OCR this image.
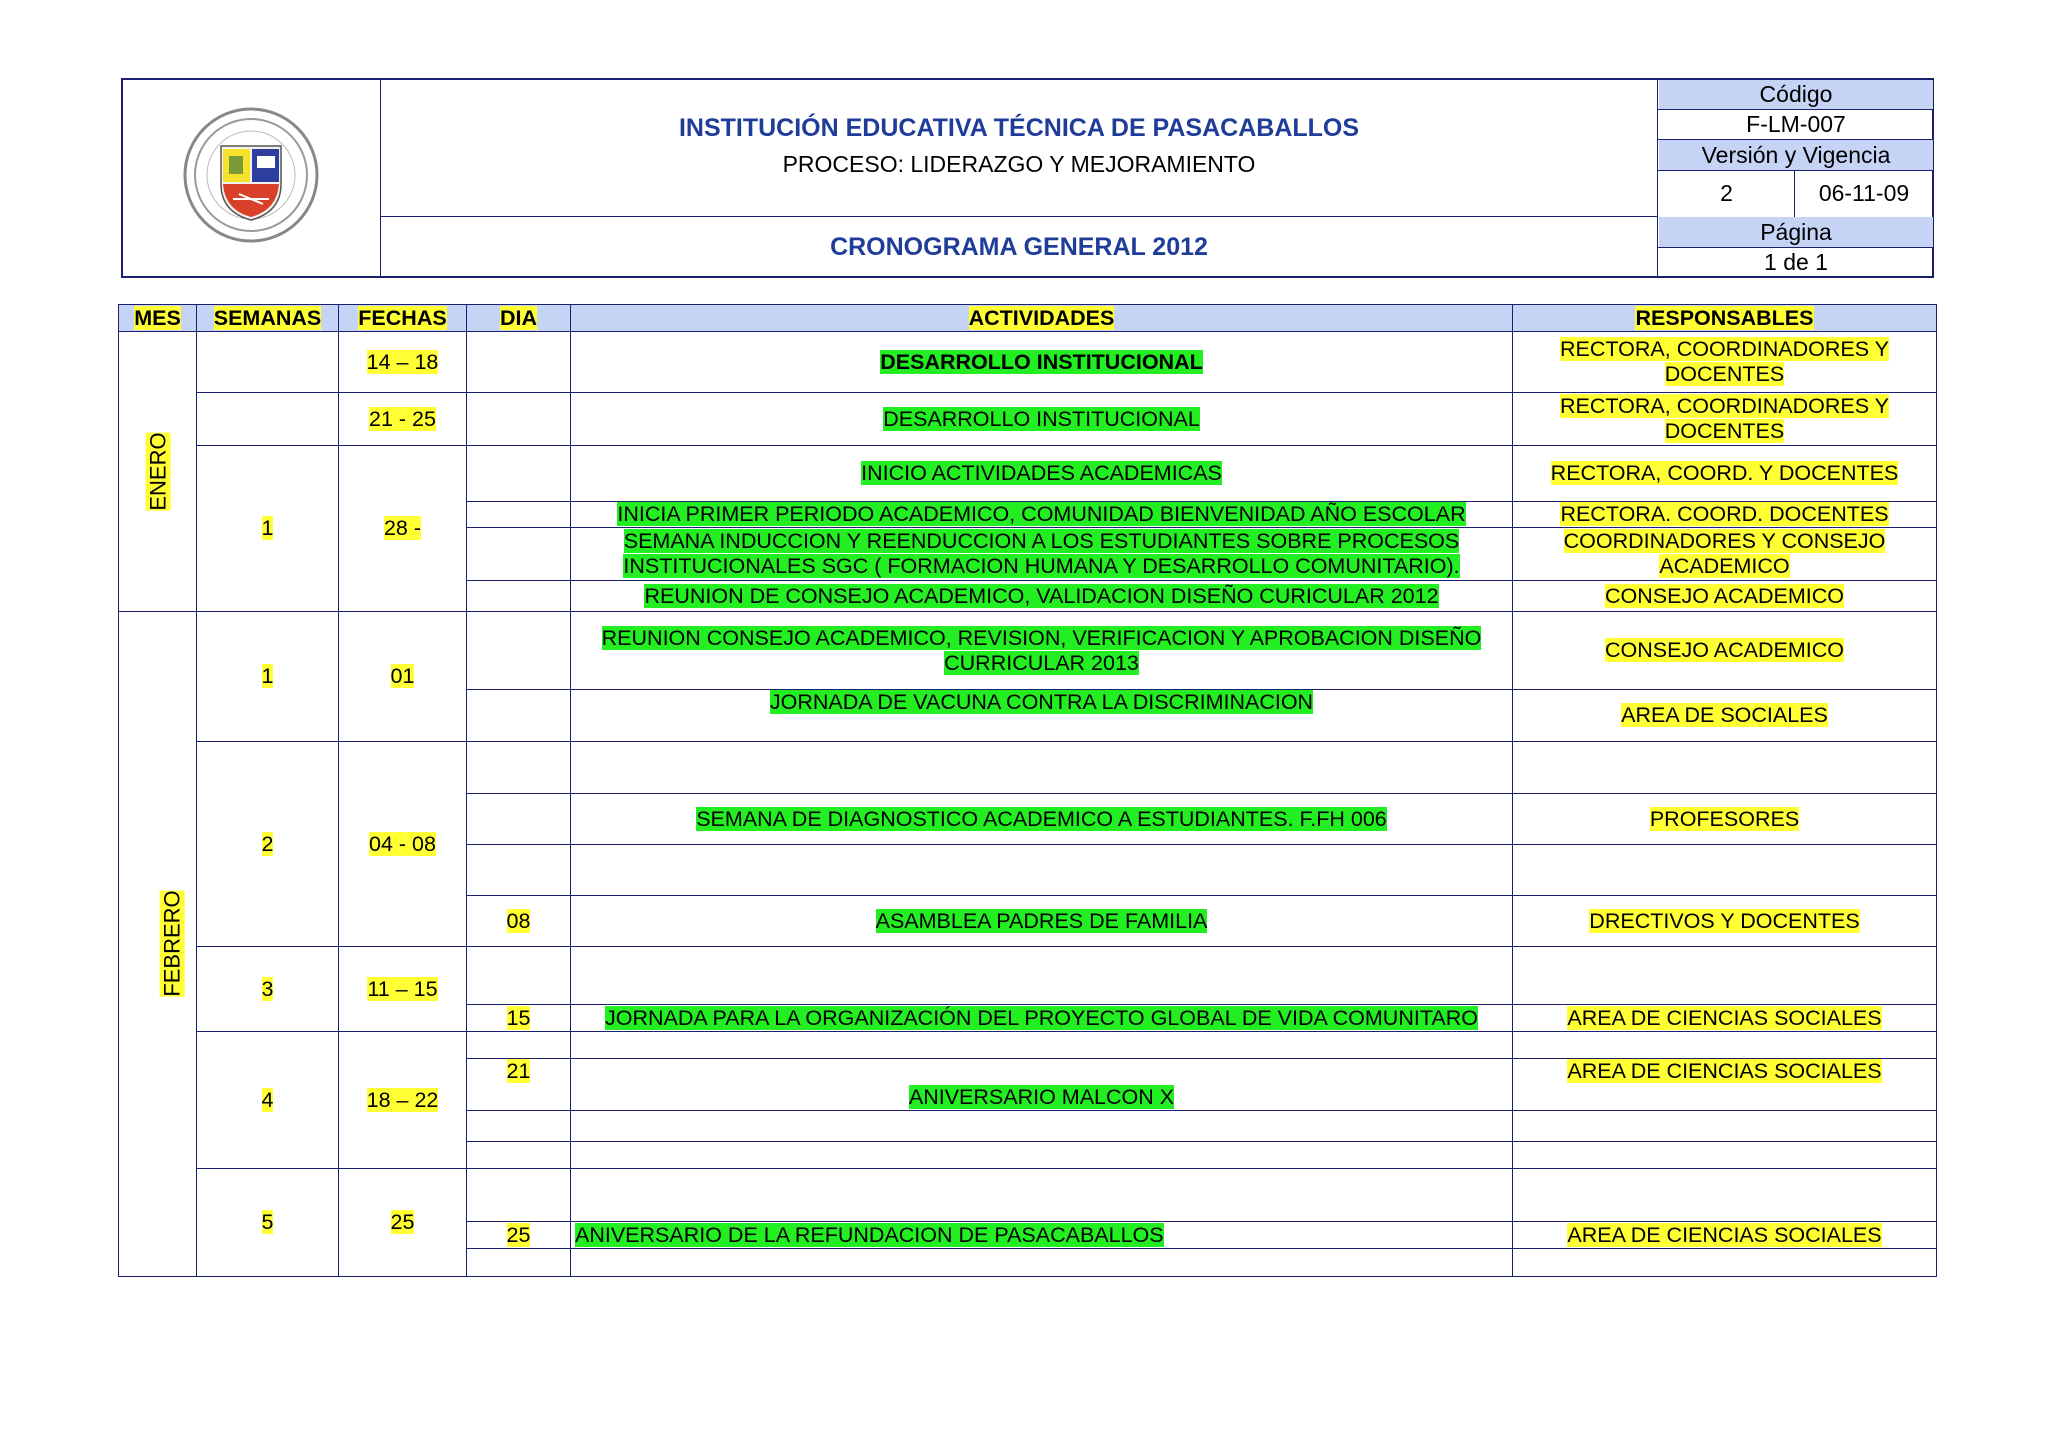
INSTITUCIÓN EDUCATIVA TÉCNICA DE PASACABALLOS
PROCESO: LIDERAZGO Y MEJORAMIENTO
CRONOGRAMA GENERAL 2012
Código
F-LM-007
Versión y Vigencia
2	06-11-09
Página
1 de 1
MES	SEMANAS	FECHAS	DIA	ACTIVIDADES	RESPONSABLES
ENERO		14 – 18		DESARROLLO INSTITUCIONAL	RECTORA, COORDINADORES Y DOCENTES
		21 - 25		DESARROLLO INSTITUCIONAL	RECTORA, COORDINADORES Y DOCENTES
	1	28 -		INICIO ACTIVIDADES ACADEMICAS	RECTORA, COORD. Y DOCENTES
				INICIA PRIMER PERIODO ACADEMICO, COMUNIDAD BIENVENIDAD AÑO ESCOLAR	RECTORA. COORD. DOCENTES
				SEMANA INDUCCION Y REENDUCCION A LOS ESTUDIANTES SOBRE PROCESOS INSTITUCIONALES SGC ( FORMACION HUMANA Y DESARROLLO COMUNITARIO).	COORDINADORES Y CONSEJO ACADEMICO
				REUNION DE CONSEJO ACADEMICO, VALIDACION DISEÑO CURICULAR 2012	CONSEJO ACADEMICO
FEBRERO	1	01		REUNION CONSEJO ACADEMICO, REVISION, VERIFICACION Y APROBACION DISEÑO CURRICULAR 2013	CONSEJO ACADEMICO
				JORNADA DE VACUNA CONTRA LA DISCRIMINACION	AREA DE SOCIALES
	2	04 - 08			
				SEMANA DE DIAGNOSTICO ACADEMICO A ESTUDIANTES. F.FH 006	PROFESORES

			08	ASAMBLEA PADRES DE FAMILIA	DRECTIVOS Y DOCENTES
	3	11 – 15			
			15	JORNADA PARA LA ORGANIZACIÓN DEL PROYECTO GLOBAL DE VIDA COMUNITARO	AREA DE CIENCIAS SOCIALES
	4	18 – 22			
			21	ANIVERSARIO MALCON X	AREA DE CIENCIAS SOCIALES

	5	25			
			25	ANIVERSARIO DE LA REFUNDACION DE PASACABALLOS	AREA DE CIENCIAS SOCIALES
